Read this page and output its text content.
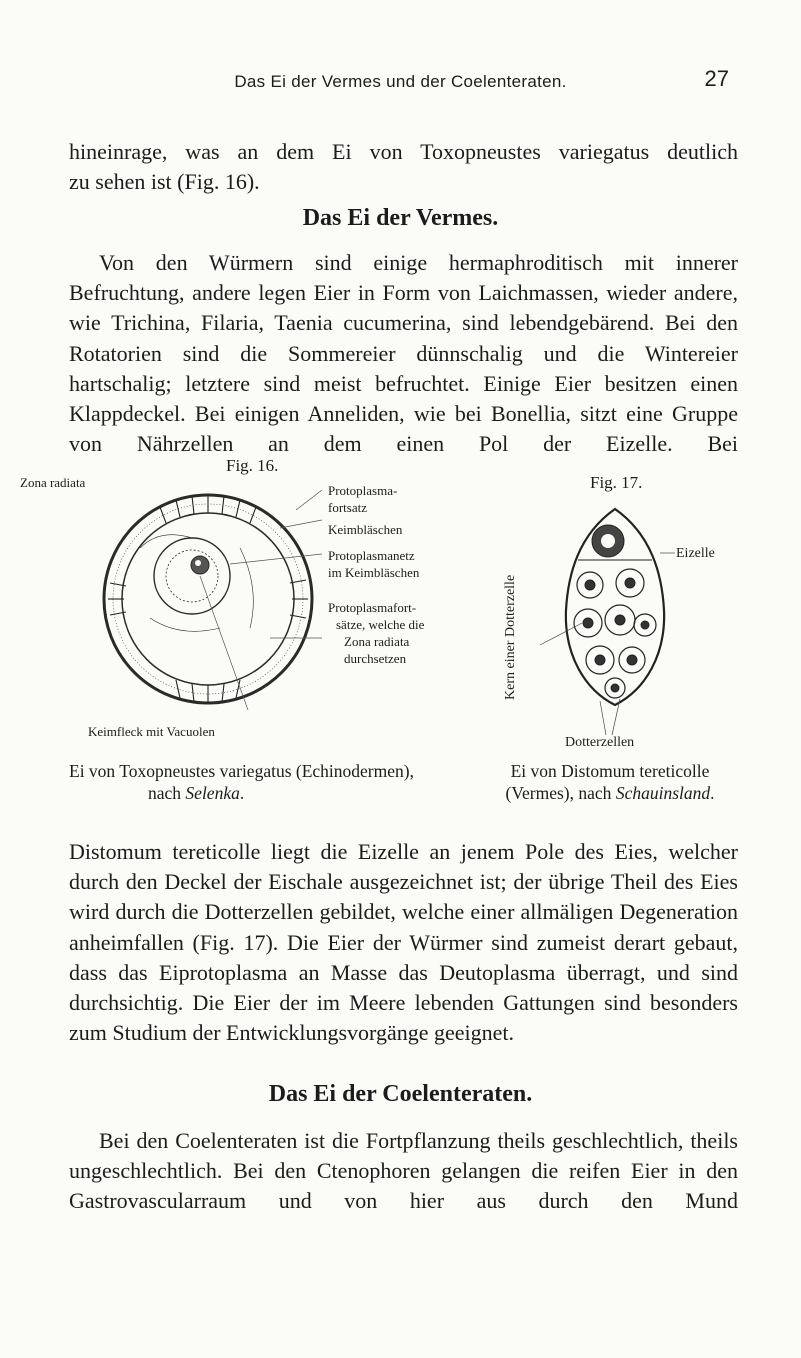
Das Ei der Vermes und der Coelenteraten.	27

hineinrage, was an dem Ei von Toxopneustes variegatus deutlich

zu sehen ist (Fig. 16).

Das Ei der Vermes.

Von den Würmern sind einige hermaphroditisch mit innerer Befruchtung, andere legen Eier in Form von Laichmassen, wieder andere, wie Trichina, Filaria, Taenia cucumerina, sind lebendgebärend. Bei den Rotatorien sind die Sommereier dünnschalig und die Wintereier hartschalig; letztere sind meist befruchtet. Einige Eier besitzen einen Klappdeckel. Bei einigen Anneliden, wie bei Bonellia, sitzt eine Gruppe von Nährzellen an dem einen Pol der Eizelle. Bei

Fig. 16.
Zona radiata
Protoplasma-
fortsatz
Keimbläschen
Protoplasmanetz
im Keimbläschen
Protoplasmafort-
sätze, welche die
Zona radiata
durchsetzen
Keimfleck mit Vacuolen
Fig. 17.
Eizelle
Kern einer Dotterzelle
Dotterzellen
Ei von Toxopneustes variegatus (Echinodermen),
nach Selenka.
Ei von Distomum tereticolle
(Vermes), nach Schauinsland.

Distomum tereticolle liegt die Eizelle an jenem Pole des Eies, welcher durch den Deckel der Eischale ausgezeichnet ist; der übrige Theil des Eies wird durch die Dotterzellen gebildet, welche einer allmäligen Degeneration anheimfallen (Fig. 17). Die Eier der Würmer sind zumeist derart gebaut, dass das Eiprotoplasma an Masse das Deutoplasma überragt, und sind durchsichtig. Die Eier der im Meere lebenden Gattungen sind besonders zum Studium der Entwicklungsvorgänge geeignet.

Das Ei der Coelenteraten.

Bei den Coelenteraten ist die Fortpflanzung theils geschlechtlich, theils ungeschlechtlich. Bei den Ctenophoren gelangen die reifen Eier in den Gastrovascularraum und von hier aus durch den Mund
